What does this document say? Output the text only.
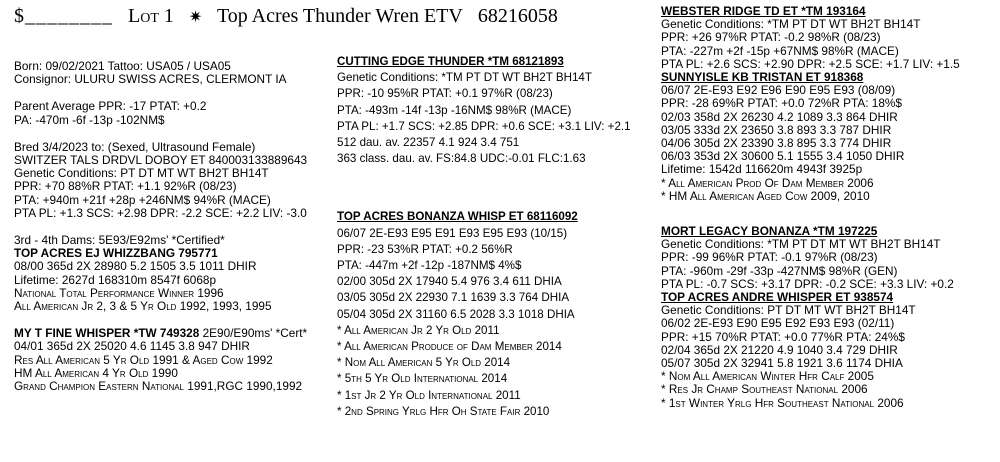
$________ Lot 1 ✷ Top Acres Thunder Wren ETV 68216058
Born: 09/02/2021 Tattoo: USA05 / USA05
Consignor: ULURU SWISS ACRES, CLERMONT IA
Parent Average PPR: -17 PTAT: +0.2
PA: -470m -6f -13p -102NM$
Bred 3/4/2023 to: (Sexed, Ultrasound Female)
SWITZER TALS DRDVL DOBOY ET 840003133889643
Genetic Conditions: PT DT MT WT BH2T BH14T
PPR: +70 88%R PTAT: +1.1 92%R (08/23)
PTA: +940m +21f +28p +246NM$ 94%R (MACE)
PTA PL: +1.3 SCS: +2.98 DPR: -2.2 SCE: +2.2 LIV: -3.0
3rd - 4th Dams: 5E93/E92ms' *Certified*
TOP ACRES EJ WHIZZBANG 795771
08/00 365d 2X 28980 5.2 1505 3.5 1011 DHIR
Lifetime: 2627d 168310m 8547f 6068p
National Total Performance Winner 1996
All American Jr 2, 3 & 5 Yr Old 1992, 1993, 1995
MY T FINE WHISPER *TW 749328 2E90/E90ms' *Cert*
04/01 365d 2X 25020 4.6 1145 3.8 947 DHIR
Res All American 5 Yr Old 1991 & Aged Cow 1992
HM All American 4 Yr Old 1990
Grand Champion Eastern National 1991,RGC 1990,1992
CUTTING EDGE THUNDER *TM 68121893
Genetic Conditions: *TM PT DT WT BH2T BH14T
PPR: -10 95%R PTAT: +0.1 97%R (08/23)
PTA: -493m -14f -13p -16NM$ 98%R (MACE)
PTA PL: +1.7 SCS: +2.85 DPR: +0.6 SCE: +3.1 LIV: +2.1
512 dau. av. 22357 4.1 924 3.4 751
363 class. dau. av. FS:84.8 UDC:-0.01 FLC:1.63
TOP ACRES BONANZA WHISP ET 68116092
06/07 2E-E93 E95 E91 E93 E95 E93 (10/15)
PPR: -23 53%R PTAT: +0.2 56%R
PTA: -447m +2f -12p -187NM$ 4%$
02/00 305d 2X 17940 5.4 976 3.4 611 DHIA
03/05 305d 2X 22930 7.1 1639 3.3 764 DHIA
05/04 305d 2X 31160 6.5 2028 3.3 1018 DHIA
* All American Jr 2 Yr Old 2011
* All American Produce of Dam Member 2014
* Nom All American 5 Yr Old 2014
* 5th 5 Yr Old International 2014
* 1st Jr 2 Yr Old International 2011
* 2nd Spring Yrlg Hfr Oh State Fair 2010
WEBSTER RIDGE TD ET *TM 193164
Genetic Conditions: *TM PT DT WT BH2T BH14T
PPR: +26 97%R PTAT: -0.2 98%R (08/23)
PTA: -227m +2f -15p +67NM$ 98%R (MACE)
PTA PL: +2.6 SCS: +2.90 DPR: +2.5 SCE: +1.7 LIV: +1.5
SUNNYISLE KB TRISTAN ET 918368
06/07 2E-E93 E92 E96 E90 E95 E93 (08/09)
PPR: -28 69%R PTAT: +0.0 72%R PTA: 18%$
02/03 358d 2X 26230 4.2 1089 3.3 864 DHIR
03/05 333d 2X 23650 3.8 893 3.3 787 DHIR
04/06 305d 2X 23390 3.8 895 3.3 774 DHIR
06/03 353d 2X 30600 5.1 1555 3.4 1050 DHIR
Lifetime: 1542d 116620m 4943f 3925p
* All American Prod Of Dam Member 2006
* HM All American Aged Cow 2009, 2010
MORT LEGACY BONANZA *TM 197225
Genetic Conditions: *TM PT DT MT WT BH2T BH14T
PPR: -99 96%R PTAT: -0.1 97%R (08/23)
PTA: -960m -29f -33p -427NM$ 98%R (GEN)
PTA PL: -0.7 SCS: +3.17 DPR: -0.2 SCE: +3.3 LIV: +0.2
TOP ACRES ANDRE WHISPER ET 938574
Genetic Conditions: PT DT MT WT BH2T BH14T
06/02 2E-E93 E90 E95 E92 E93 E93 (02/11)
PPR: +15 70%R PTAT: +0.0 77%R PTA: 24%$
02/04 365d 2X 21220 4.9 1040 3.4 729 DHIR
05/07 305d 2X 32941 5.8 1921 3.6 1174 DHIA
* Nom All American Winter Hfr Calf 2005
* Res Jr Champ Southeast National 2006
* 1st Winter Yrlg Hfr Southeast National 2006
